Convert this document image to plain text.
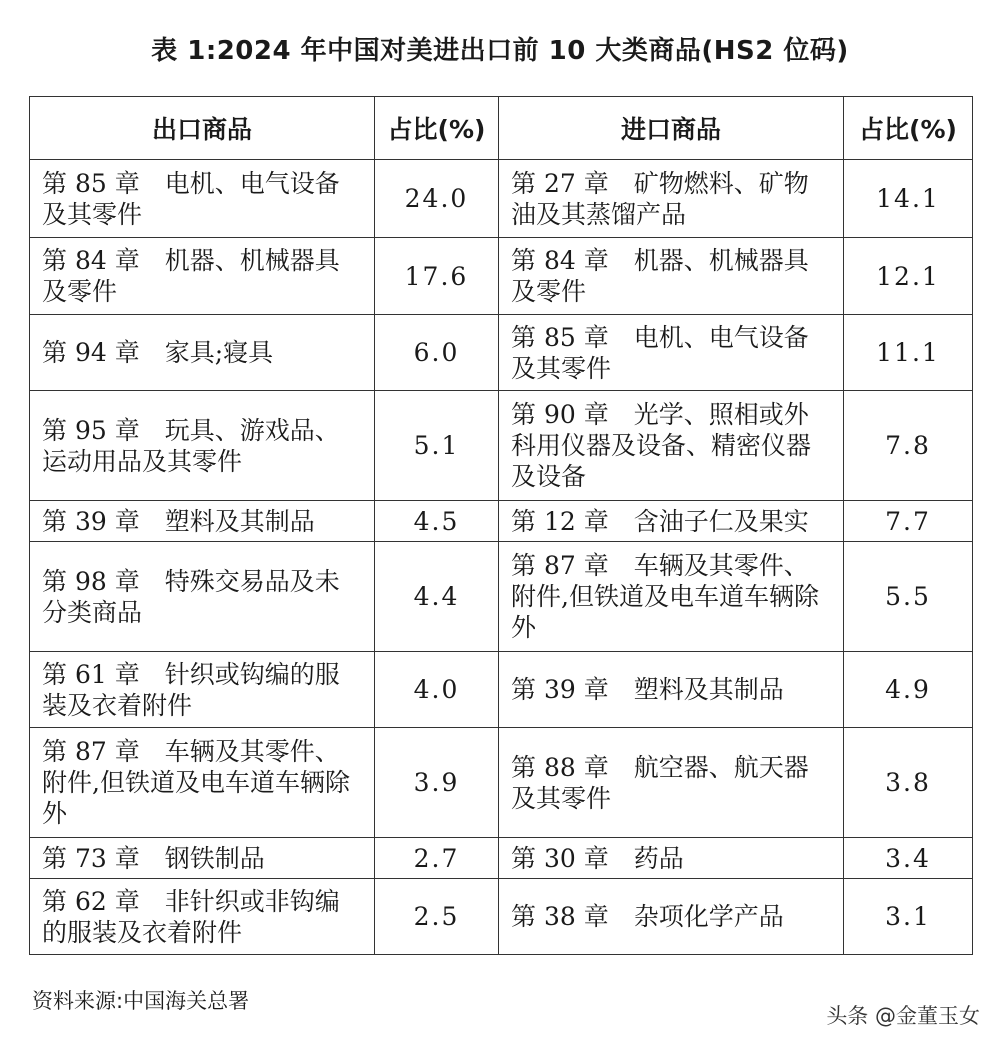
表 1:2024 年中国对美进出口前 10 大类商品(HS2 位码)
出口商品	占比(%)	进口商品	占比(%)
第 85 章　电机、电气设备及其零件	24.0	第 27 章　矿物燃料、矿物油及其蒸馏产品	14.1
第 84 章　机器、机械器具及零件	17.6	第 84 章　机器、机械器具及零件	12.1
第 94 章　家具;寝具	6.0	第 85 章　电机、电气设备及其零件	11.1
第 95 章　玩具、游戏品、运动用品及其零件	5.1	第 90 章　光学、照相或外科用仪器及设备、精密仪器及设备	7.8
第 39 章　塑料及其制品	4.5	第 12 章　含油子仁及果实	7.7
第 98 章　特殊交易品及未分类商品	4.4	第 87 章　车辆及其零件、附件,但铁道及电车道车辆除外	5.5
第 61 章　针织或钩编的服装及衣着附件	4.0	第 39 章　塑料及其制品	4.9
第 87 章　车辆及其零件、附件,但铁道及电车道车辆除外	3.9	第 88 章　航空器、航天器及其零件	3.8
第 73 章　钢铁制品	2.7	第 30 章　药品	3.4
第 62 章　非针织或非钩编的服装及衣着附件	2.5	第 38 章　杂项化学产品	3.1
资料来源:中国海关总署
头条 @金董玉女
